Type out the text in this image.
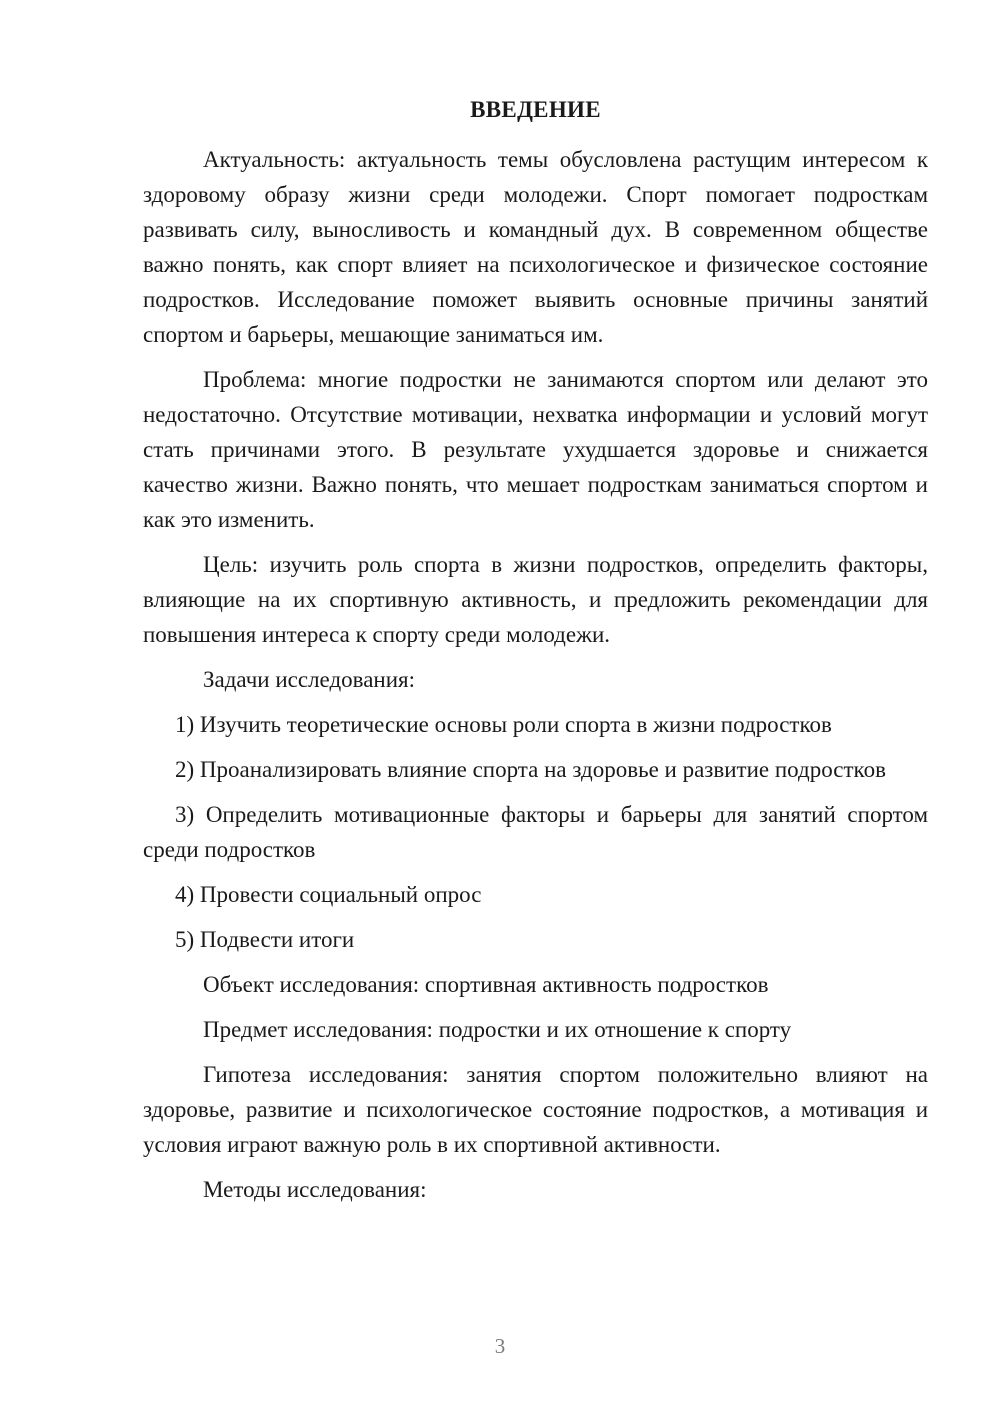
ВВЕДЕНИЕ

Актуальность: актуальность темы обусловлена растущим интересом к здоровому образу жизни среди молодежи. Спорт помогает подросткам развивать силу, выносливость и командный дух. В современном обществе важно понять, как спорт влияет на психологическое и физическое состояние подростков. Исследование поможет выявить основные причины занятий спортом и барьеры, мешающие заниматься им.

Проблема: многие подростки не занимаются спортом или делают это недостаточно. Отсутствие мотивации, нехватка информации и условий могут стать причинами этого. В результате ухудшается здоровье и снижается качество жизни. Важно понять, что мешает подросткам заниматься спортом и как это изменить.

Цель: изучить роль спорта в жизни подростков, определить факторы, влияющие на их спортивную активность, и предложить рекомендации для повышения интереса к спорту среди молодежи.

Задачи исследования:

1) Изучить теоретические основы роли спорта в жизни подростков

2) Проанализировать влияние спорта на здоровье и развитие подростков

3) Определить мотивационные факторы и барьеры для занятий спортом среди подростков

4) Провести социальный опрос

5) Подвести итоги

Объект исследования: спортивная активность подростков

Предмет исследования: подростки и их отношение к спорту

Гипотеза исследования: занятия спортом положительно влияют на здоровье, развитие и психологическое состояние подростков, а мотивация и условия играют важную роль в их спортивной активности.

Методы исследования:

3
